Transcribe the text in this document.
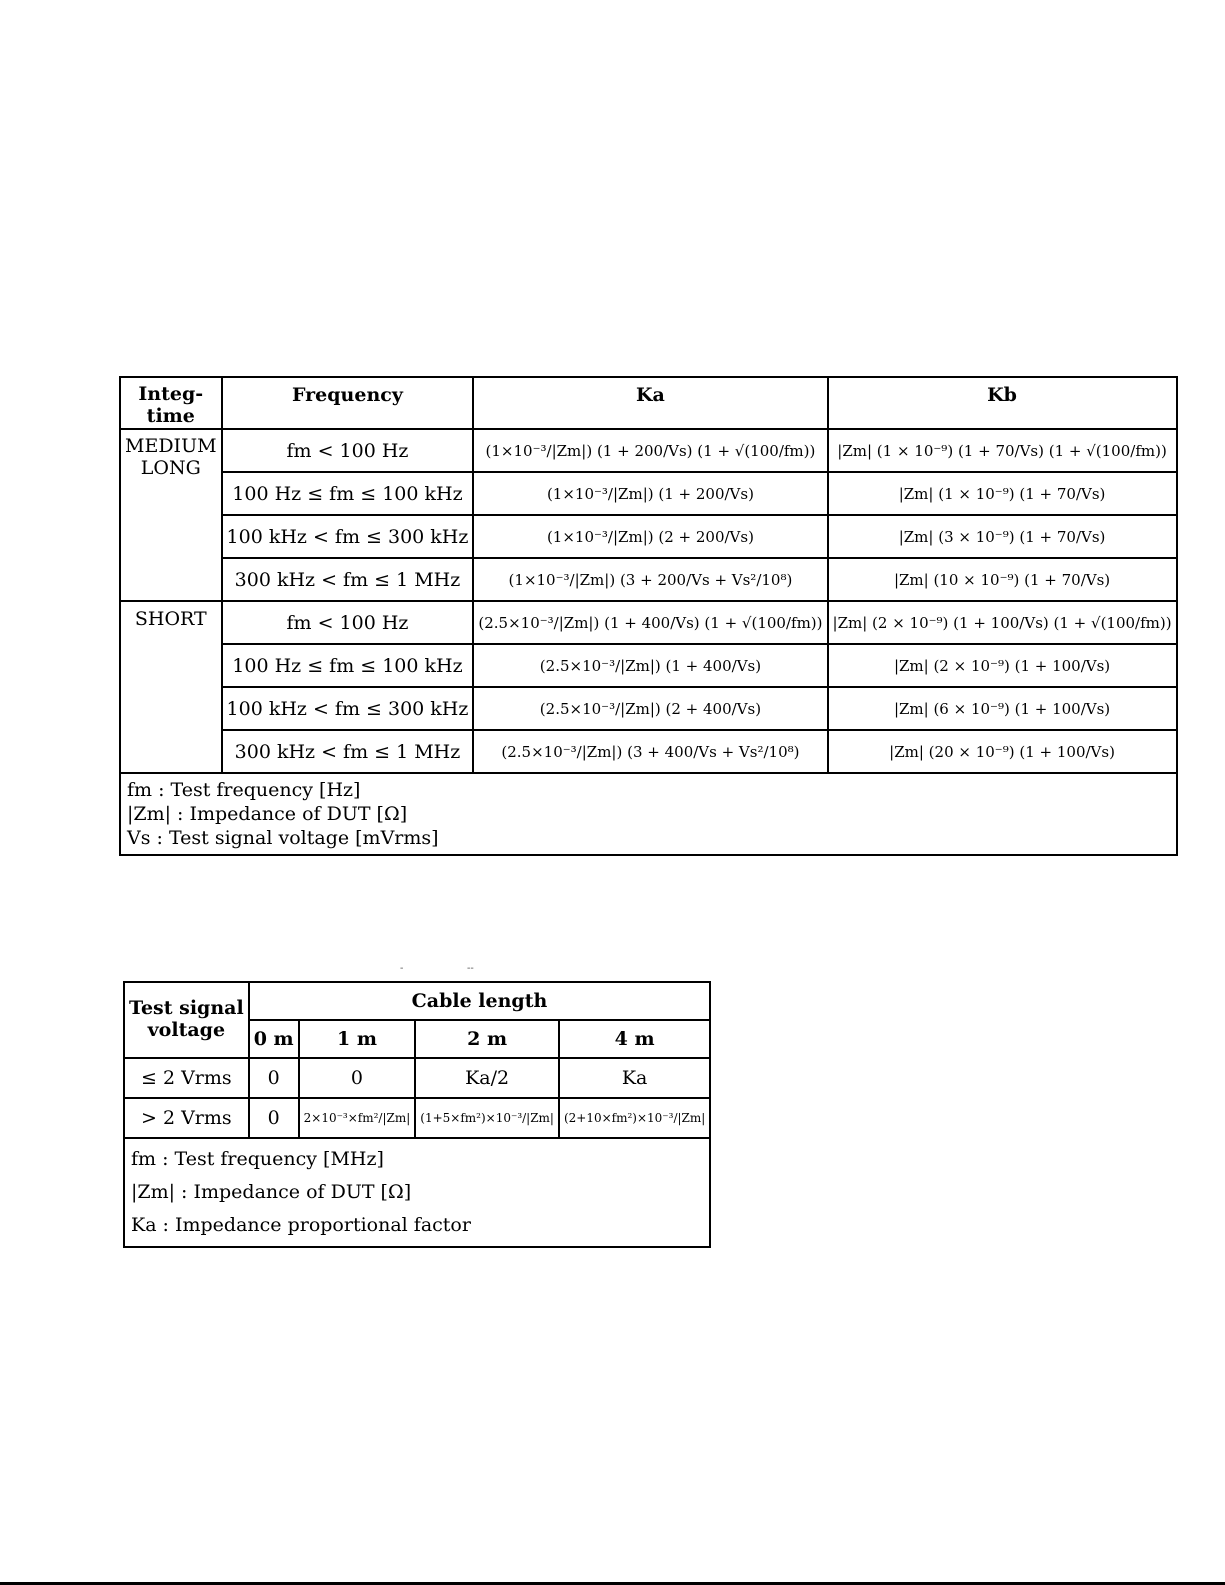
Integ-
time	Frequency	Ka	Kb
MEDIUM
LONG	fm < 100 Hz	(1×10⁻³/|Zm|) (1 + 200/Vs) (1 + √(100/fm))	|Zm| (1 × 10⁻⁹) (1 + 70/Vs) (1 + √(100/fm))
	100 Hz ≤ fm ≤ 100 kHz	(1×10⁻³/|Zm|) (1 + 200/Vs)	|Zm| (1 × 10⁻⁹) (1 + 70/Vs)
	100 kHz < fm ≤ 300 kHz	(1×10⁻³/|Zm|) (2 + 200/Vs)	|Zm| (3 × 10⁻⁹) (1 + 70/Vs)
	300 kHz < fm ≤ 1 MHz	(1×10⁻³/|Zm|) (3 + 200/Vs + Vs²/10⁸)	|Zm| (10 × 10⁻⁹) (1 + 70/Vs)
SHORT	fm < 100 Hz	(2.5×10⁻³/|Zm|) (1 + 400/Vs) (1 + √(100/fm))	|Zm| (2 × 10⁻⁹) (1 + 100/Vs) (1 + √(100/fm))
	100 Hz ≤ fm ≤ 100 kHz	(2.5×10⁻³/|Zm|) (1 + 400/Vs)	|Zm| (2 × 10⁻⁹) (1 + 100/Vs)
	100 kHz < fm ≤ 300 kHz	(2.5×10⁻³/|Zm|) (2 + 400/Vs)	|Zm| (6 × 10⁻⁹) (1 + 100/Vs)
	300 kHz < fm ≤ 1 MHz	(2.5×10⁻³/|Zm|) (3 + 400/Vs + Vs²/10⁸)	|Zm| (20 × 10⁻⁹) (1 + 100/Vs)

fm : Test frequency [Hz]
|Zm| : Impedance of DUT [Ω]
Vs : Test signal voltage [mVrms]			
-                    --
Test signal
voltage	Cable length			
	0 m	1 m	2 m	4 m
≤ 2 Vrms	0	0	Ka/2	Ka
> 2 Vrms	0	2×10⁻³×fm²/|Zm|	(1+5×fm²)×10⁻³/|Zm|	(2+10×fm²)×10⁻³/|Zm|

fm : Test frequency [MHz]
|Zm| : Impedance of DUT [Ω]
Ka : Impedance proportional factor				
